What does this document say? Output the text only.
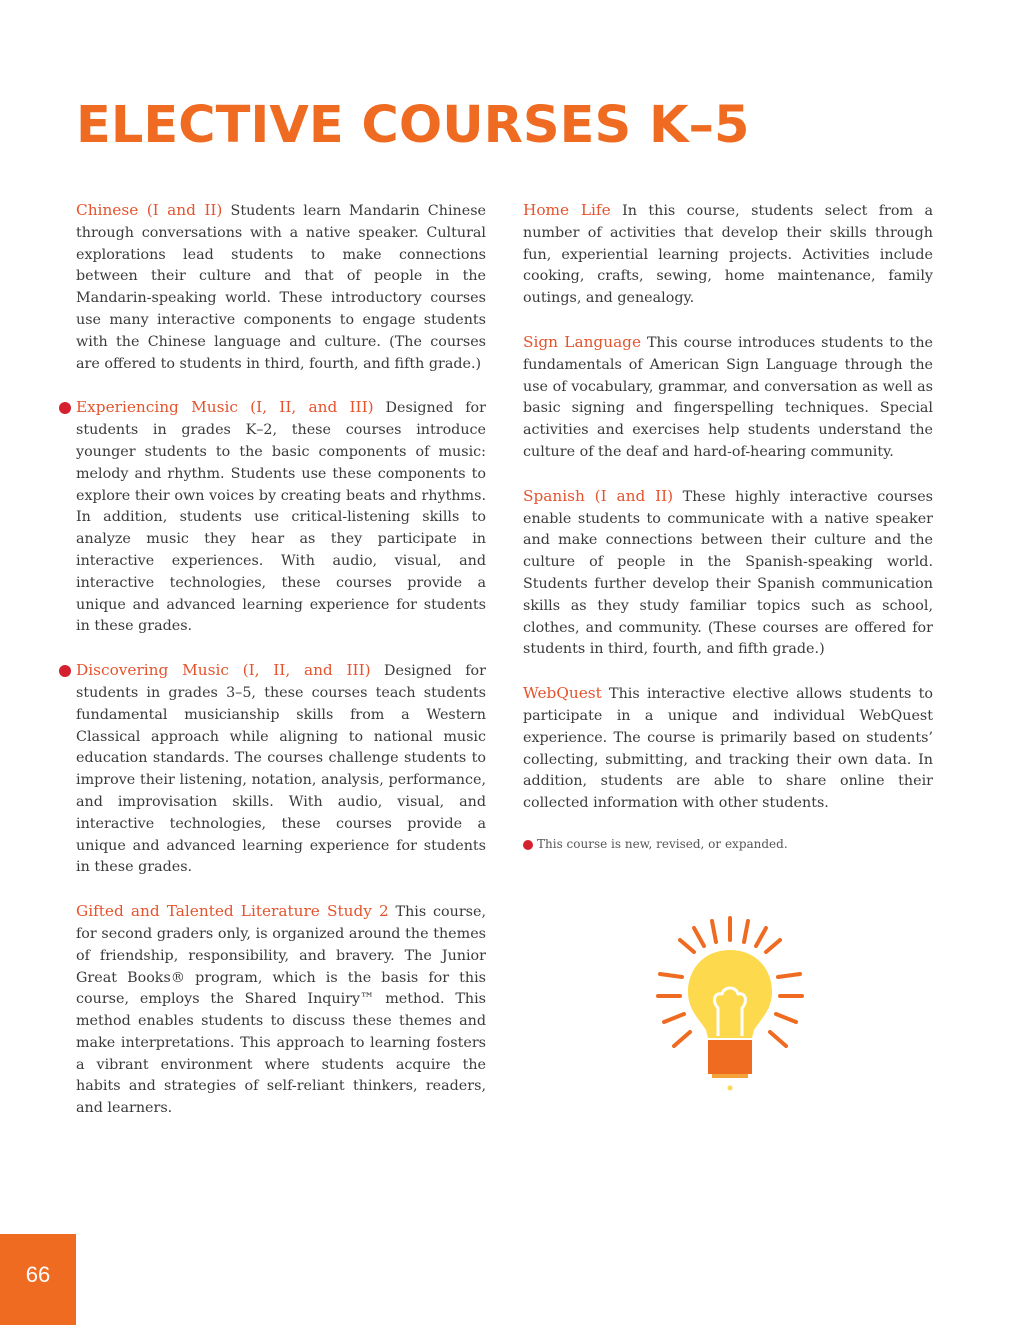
ELECTIVE COURSES K–5

Chinese (I and II) Students learn Mandarin Chinese through conversations with a native speaker. Cultural explorations lead students to make connections between their culture and that of people in the Mandarin-speaking world. These introductory courses use many interactive components to engage students with the Chinese language and culture. (The courses are offered to students in third, fourth, and fifth grade.)

Experiencing Music (I, II, and III) Designed for students in grades K–2, these courses introduce younger students to the basic components of music: melody and rhythm. Students use these components to explore their own voices by creating beats and rhythms. In addition, students use critical-listening skills to analyze music they hear as they participate in interactive experiences. With audio, visual, and interactive technologies, these courses provide a unique and advanced learning experience for students in these grades.

Discovering Music (I, II, and III) Designed for students in grades 3–5, these courses teach students fundamental musicianship skills from a Western Classical approach while aligning to national music education standards. The courses challenge students to improve their listening, notation, analysis, performance, and improvisation skills. With audio, visual, and interactive technologies, these courses provide a unique and advanced learning experience for students in these grades.

Gifted and Talented Literature Study 2 This course, for second graders only, is organized around the themes of friendship, responsibility, and bravery. The Junior Great Books® program, which is the basis for this course, employs the Shared Inquiry™ method. This method enables students to discuss these themes and make interpretations. This approach to learning fosters a vibrant environment where students acquire the habits and strategies of self-reliant thinkers, readers, and learners.

Home Life In this course, students select from a number of activities that develop their skills through fun, experiential learning projects. Activities include cooking, crafts, sewing, home maintenance, family outings, and genealogy.

Sign Language This course introduces students to the fundamentals of American Sign Language through the use of vocabulary, grammar, and conversation as well as basic signing and fingerspelling techniques. Special activities and exercises help students understand the culture of the deaf and hard-of-hearing community.

Spanish (I and II) These highly interactive courses enable students to communicate with a native speaker and make connections between their culture and the culture of people in the Spanish-speaking world. Students further develop their Spanish communication skills as they study familiar topics such as school, clothes, and community. (These courses are offered for students in third, fourth, and fifth grade.)

WebQuest This interactive elective allows students to participate in a unique and individual WebQuest experience. The course is primarily based on students’ collecting, submitting, and tracking their own data. In addition, students are able to share online their collected information with other students.

This course is new, revised, or expanded.
66
